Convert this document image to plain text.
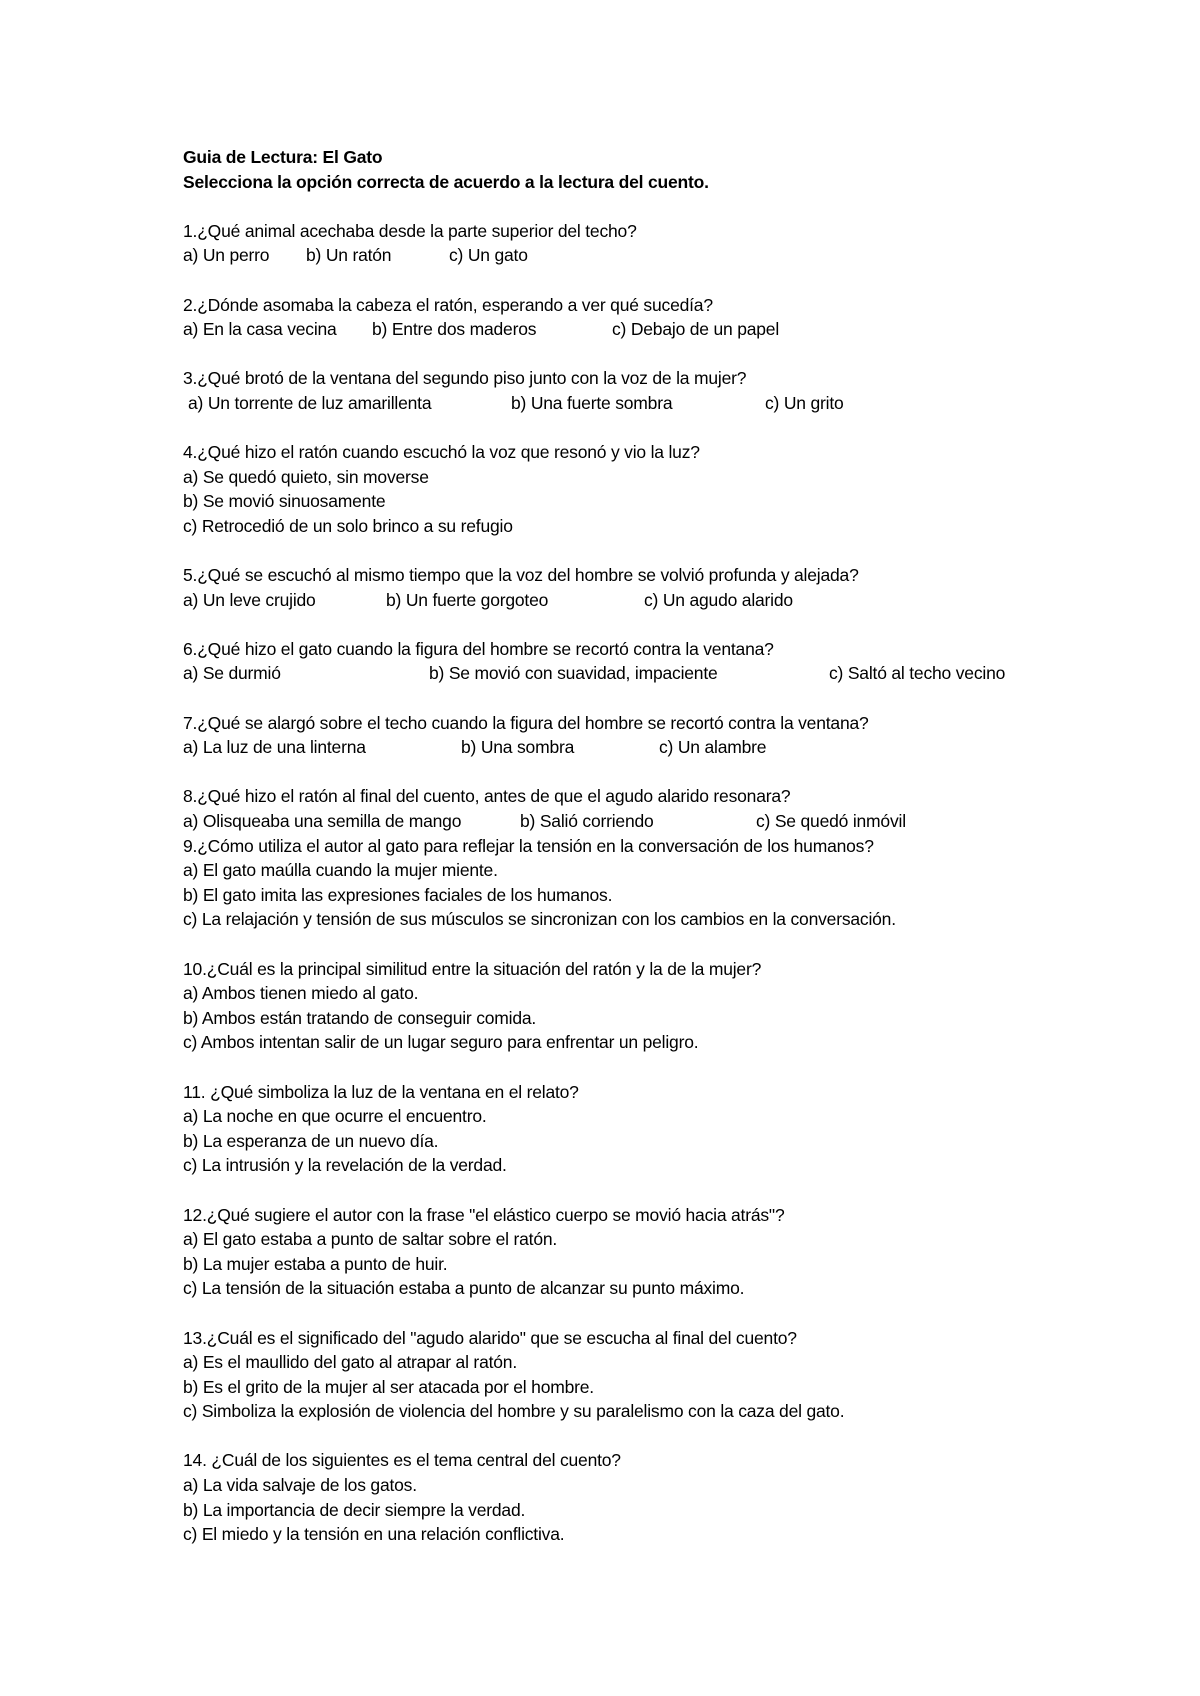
Guia de Lectura: El Gato
Selecciona la opción correcta de acuerdo a la lectura del cuento.
1.¿Qué animal acechaba desde la parte superior del techo?
a) Un perro	b) Un ratón	c) Un gato
2.¿Dónde asomaba la cabeza el ratón, esperando a ver qué sucedía?
a) En la casa vecina	b) Entre dos maderos	c) Debajo de un papel
3.¿Qué brotó de la ventana del segundo piso junto con la voz de la mujer?
a) Un torrente de luz amarillenta	b) Una fuerte sombra	c) Un grito
4.¿Qué hizo el ratón cuando escuchó la voz que resonó y vio la luz?
a) Se quedó quieto, sin moverse
b) Se movió sinuosamente
c) Retrocedió de un solo brinco a su refugio
5.¿Qué se escuchó al mismo tiempo que la voz del hombre se volvió profunda y alejada?
a) Un leve crujido	b) Un fuerte gorgoteo	c) Un agudo alarido
6.¿Qué hizo el gato cuando la figura del hombre se recortó contra la ventana?
a) Se durmió	b) Se movió con suavidad, impaciente	c) Saltó al techo vecino
7.¿Qué se alargó sobre el techo cuando la figura del hombre se recortó contra la ventana?
a) La luz de una linterna	b) Una sombra	c) Un alambre
8.¿Qué hizo el ratón al final del cuento, antes de que el agudo alarido resonara?
a) Olisqueaba una semilla de mango	b) Salió corriendo	c) Se quedó inmóvil
9.¿Cómo utiliza el autor al gato para reflejar la tensión en la conversación de los humanos?
a) El gato maúlla cuando la mujer miente.
b) El gato imita las expresiones faciales de los humanos.
c) La relajación y tensión de sus músculos se sincronizan con los cambios en la conversación.
10.¿Cuál es la principal similitud entre la situación del ratón y la de la mujer?
a) Ambos tienen miedo al gato.
b) Ambos están tratando de conseguir comida.
c) Ambos intentan salir de un lugar seguro para enfrentar un peligro.
11. ¿Qué simboliza la luz de la ventana en el relato?
a) La noche en que ocurre el encuentro.
b) La esperanza de un nuevo día.
c) La intrusión y la revelación de la verdad.
12.¿Qué sugiere el autor con la frase "el elástico cuerpo se movió hacia atrás"?
a) El gato estaba a punto de saltar sobre el ratón.
b) La mujer estaba a punto de huir.
c) La tensión de la situación estaba a punto de alcanzar su punto máximo.
13.¿Cuál es el significado del "agudo alarido" que se escucha al final del cuento?
a) Es el maullido del gato al atrapar al ratón.
b) Es el grito de la mujer al ser atacada por el hombre.
c) Simboliza la explosión de violencia del hombre y su paralelismo con la caza del gato.
14. ¿Cuál de los siguientes es el tema central del cuento?
a) La vida salvaje de los gatos.
b) La importancia de decir siempre la verdad.
c) El miedo y la tensión en una relación conflictiva.
